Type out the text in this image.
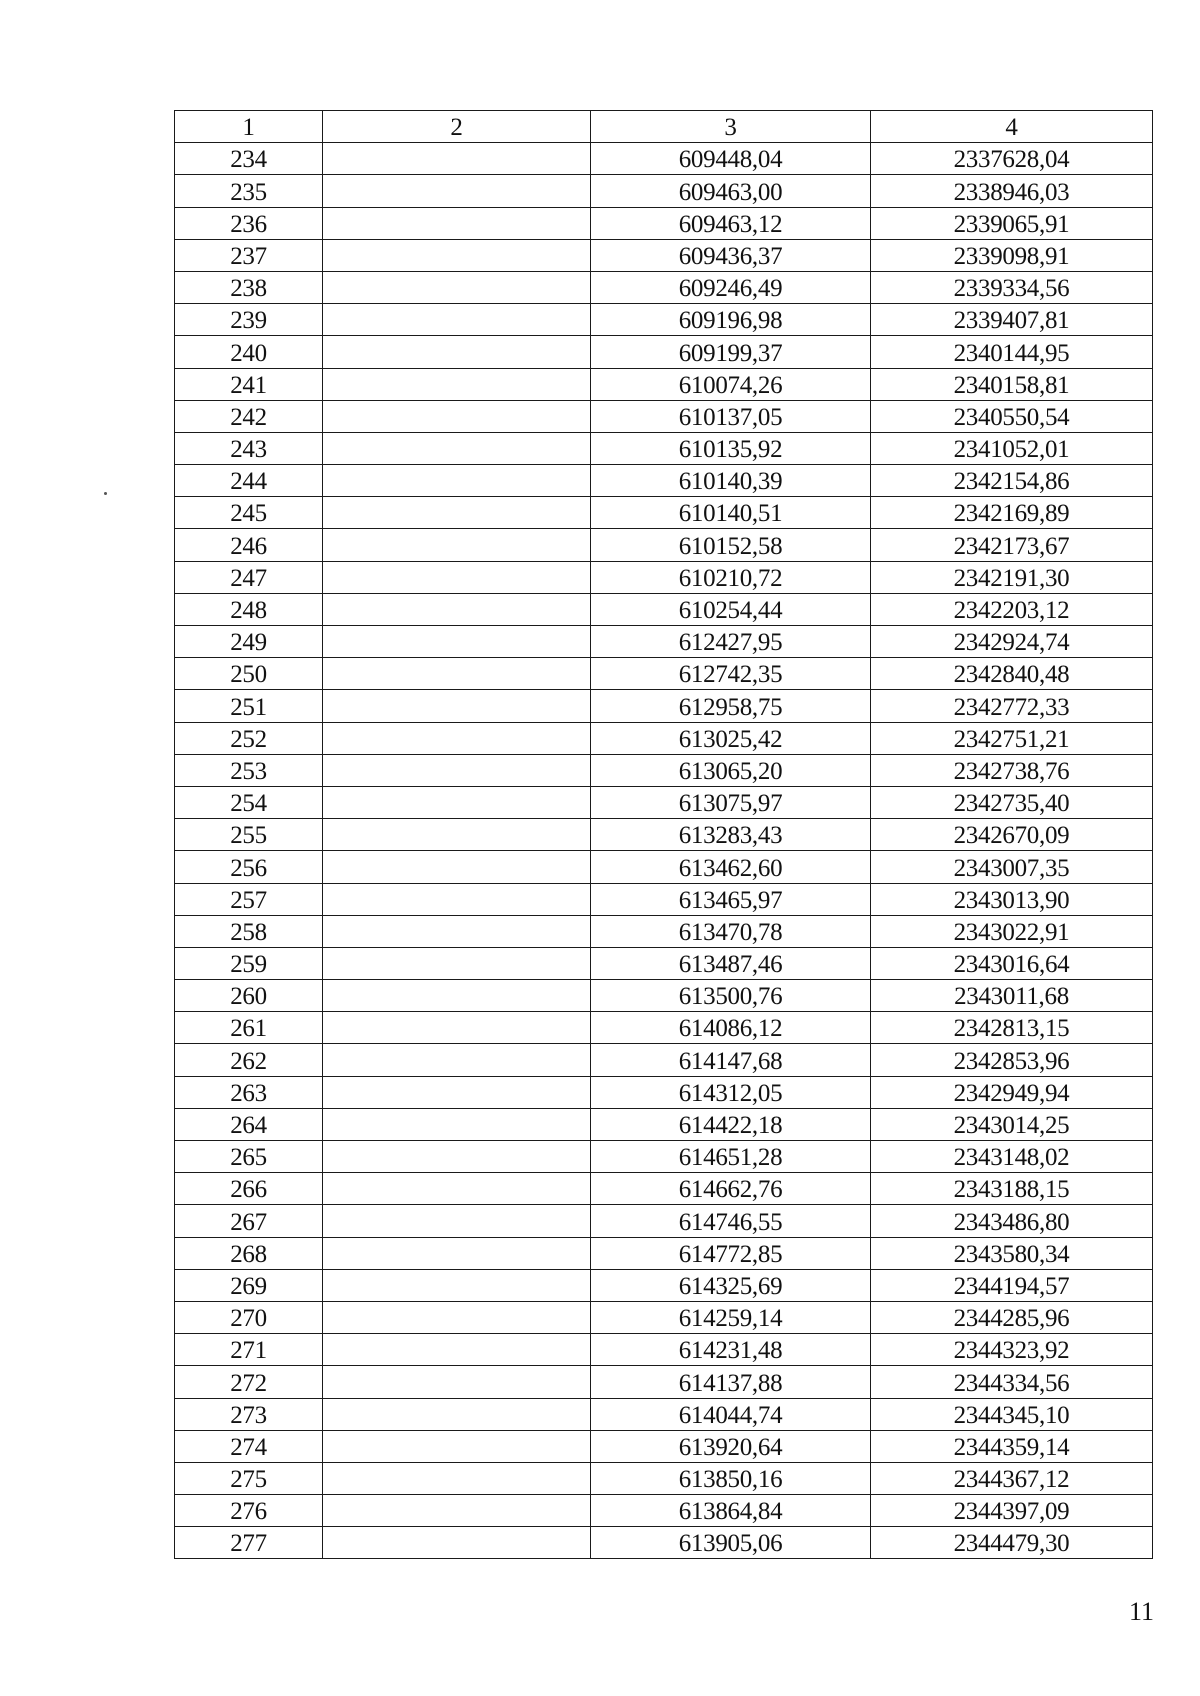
1	2	3	4
234		609448,04	2337628,04
235		609463,00	2338946,03
236		609463,12	2339065,91
237		609436,37	2339098,91
238		609246,49	2339334,56
239		609196,98	2339407,81
240		609199,37	2340144,95
241		610074,26	2340158,81
242		610137,05	2340550,54
243		610135,92	2341052,01
244		610140,39	2342154,86
245		610140,51	2342169,89
246		610152,58	2342173,67
247		610210,72	2342191,30
248		610254,44	2342203,12
249		612427,95	2342924,74
250		612742,35	2342840,48
251		612958,75	2342772,33
252		613025,42	2342751,21
253		613065,20	2342738,76
254		613075,97	2342735,40
255		613283,43	2342670,09
256		613462,60	2343007,35
257		613465,97	2343013,90
258		613470,78	2343022,91
259		613487,46	2343016,64
260		613500,76	2343011,68
261		614086,12	2342813,15
262		614147,68	2342853,96
263		614312,05	2342949,94
264		614422,18	2343014,25
265		614651,28	2343148,02
266		614662,76	2343188,15
267		614746,55	2343486,80
268		614772,85	2343580,34
269		614325,69	2344194,57
270		614259,14	2344285,96
271		614231,48	2344323,92
272		614137,88	2344334,56
273		614044,74	2344345,10
274		613920,64	2344359,14
275		613850,16	2344367,12
276		613864,84	2344397,09
277		613905,06	2344479,30
11
